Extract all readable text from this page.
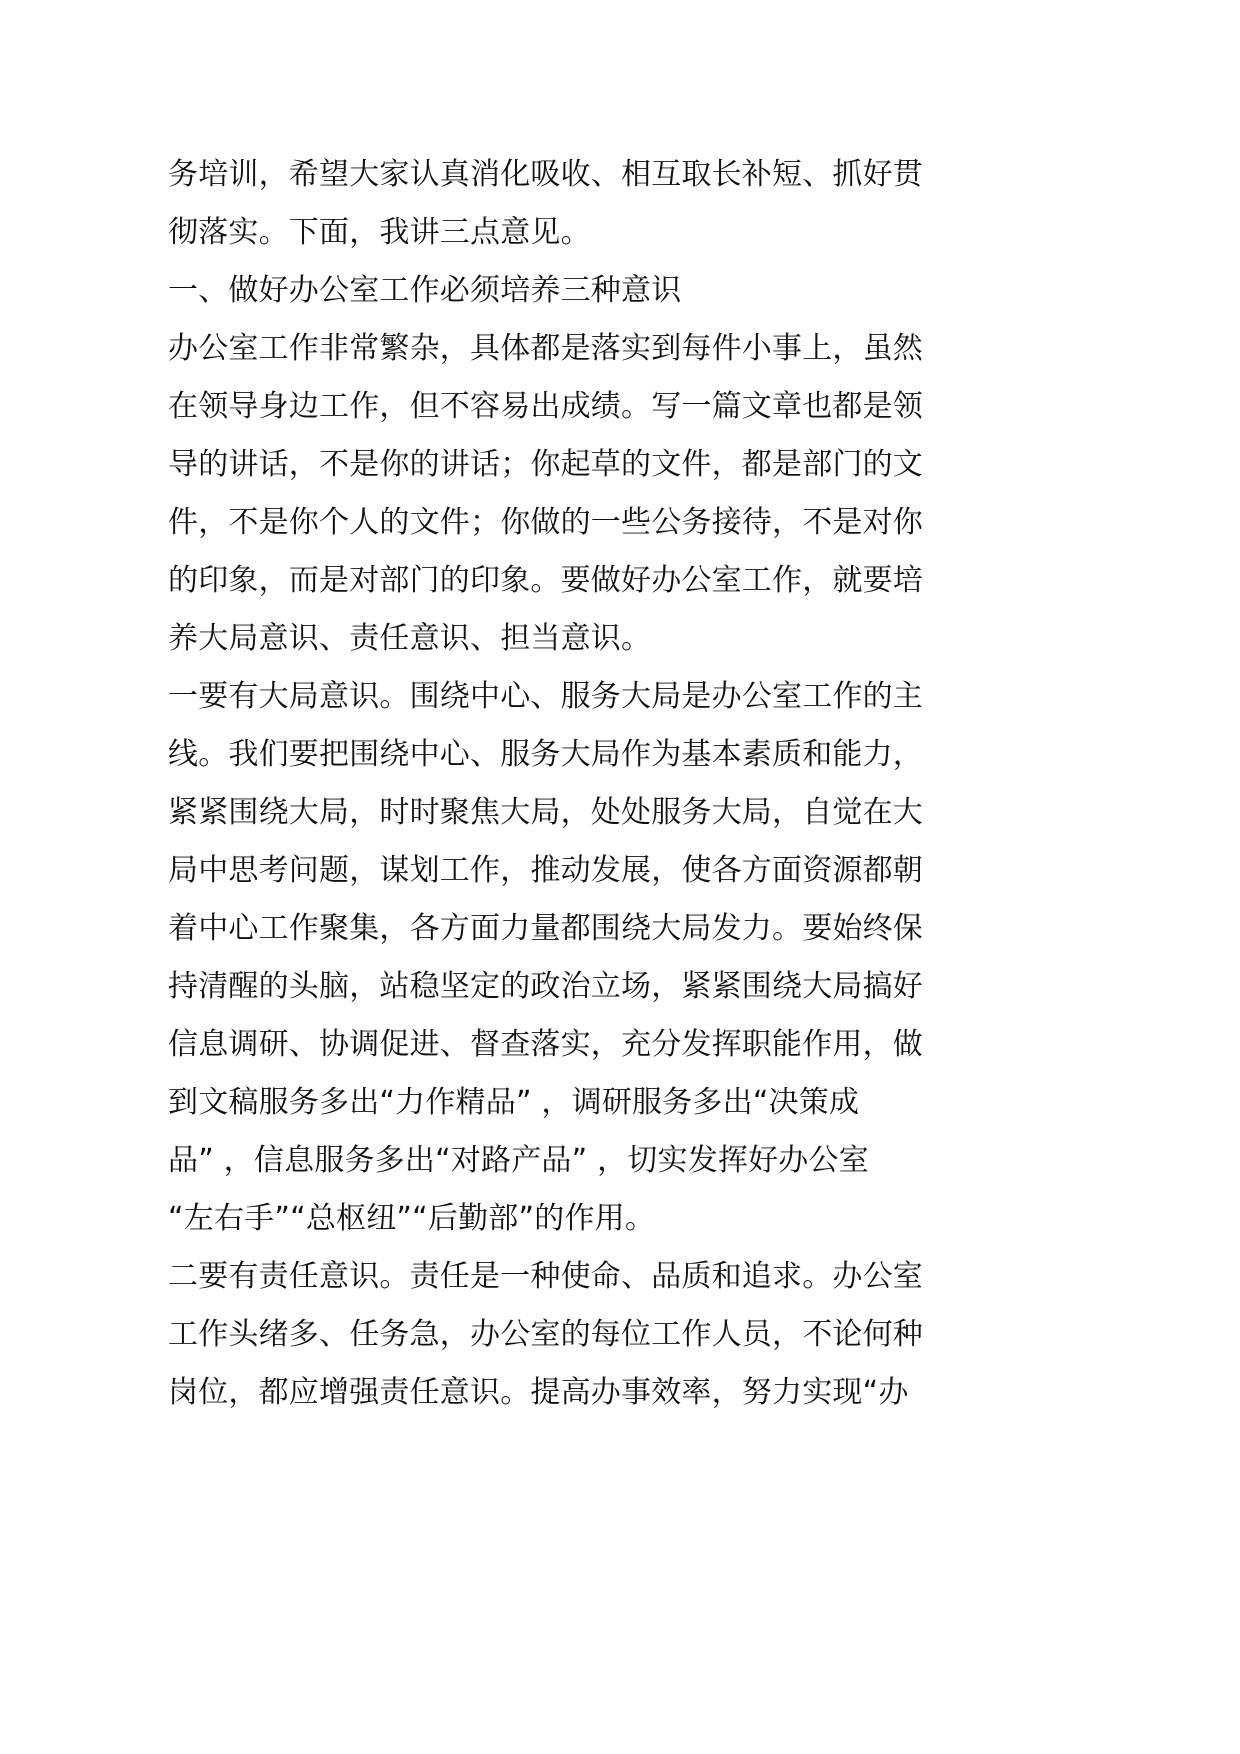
务培训，希望大家认真消化吸收、相互取长补短、抓好贯
彻落实。下面，我讲三点意见。
一、做好办公室工作必须培养三种意识
办公室工作非常繁杂，具体都是落实到每件小事上，虽然
在领导身边工作，但不容易出成绩。写一篇文章也都是领
导的讲话，不是你的讲话；你起草的文件，都是部门的文
件，不是你个人的文件；你做的一些公务接待，不是对你
的印象，而是对部门的印象。要做好办公室工作，就要培
养大局意识、责任意识、担当意识。
一要有大局意识。围绕中心、服务大局是办公室工作的主
线。我们要把围绕中心、服务大局作为基本素质和能力，
紧紧围绕大局，时时聚焦大局，处处服务大局，自觉在大
局中思考问题，谋划工作，推动发展，使各方面资源都朝
着中心工作聚集，各方面力量都围绕大局发力。要始终保
持清醒的头脑，站稳坚定的政治立场，紧紧围绕大局搞好
信息调研、协调促进、督查落实，充分发挥职能作用，做
到文稿服务多出“力作精品” ，调研服务多出“决策成
品” ，信息服务多出“对路产品” ，切实发挥好办公室
“左右手”“总枢纽”“后勤部”的作用。
二要有责任意识。责任是一种使命、品质和追求。办公室
工作头绪多、任务急，办公室的每位工作人员，不论何种
岗位，都应增强责任意识。提高办事效率，努力实现“办
